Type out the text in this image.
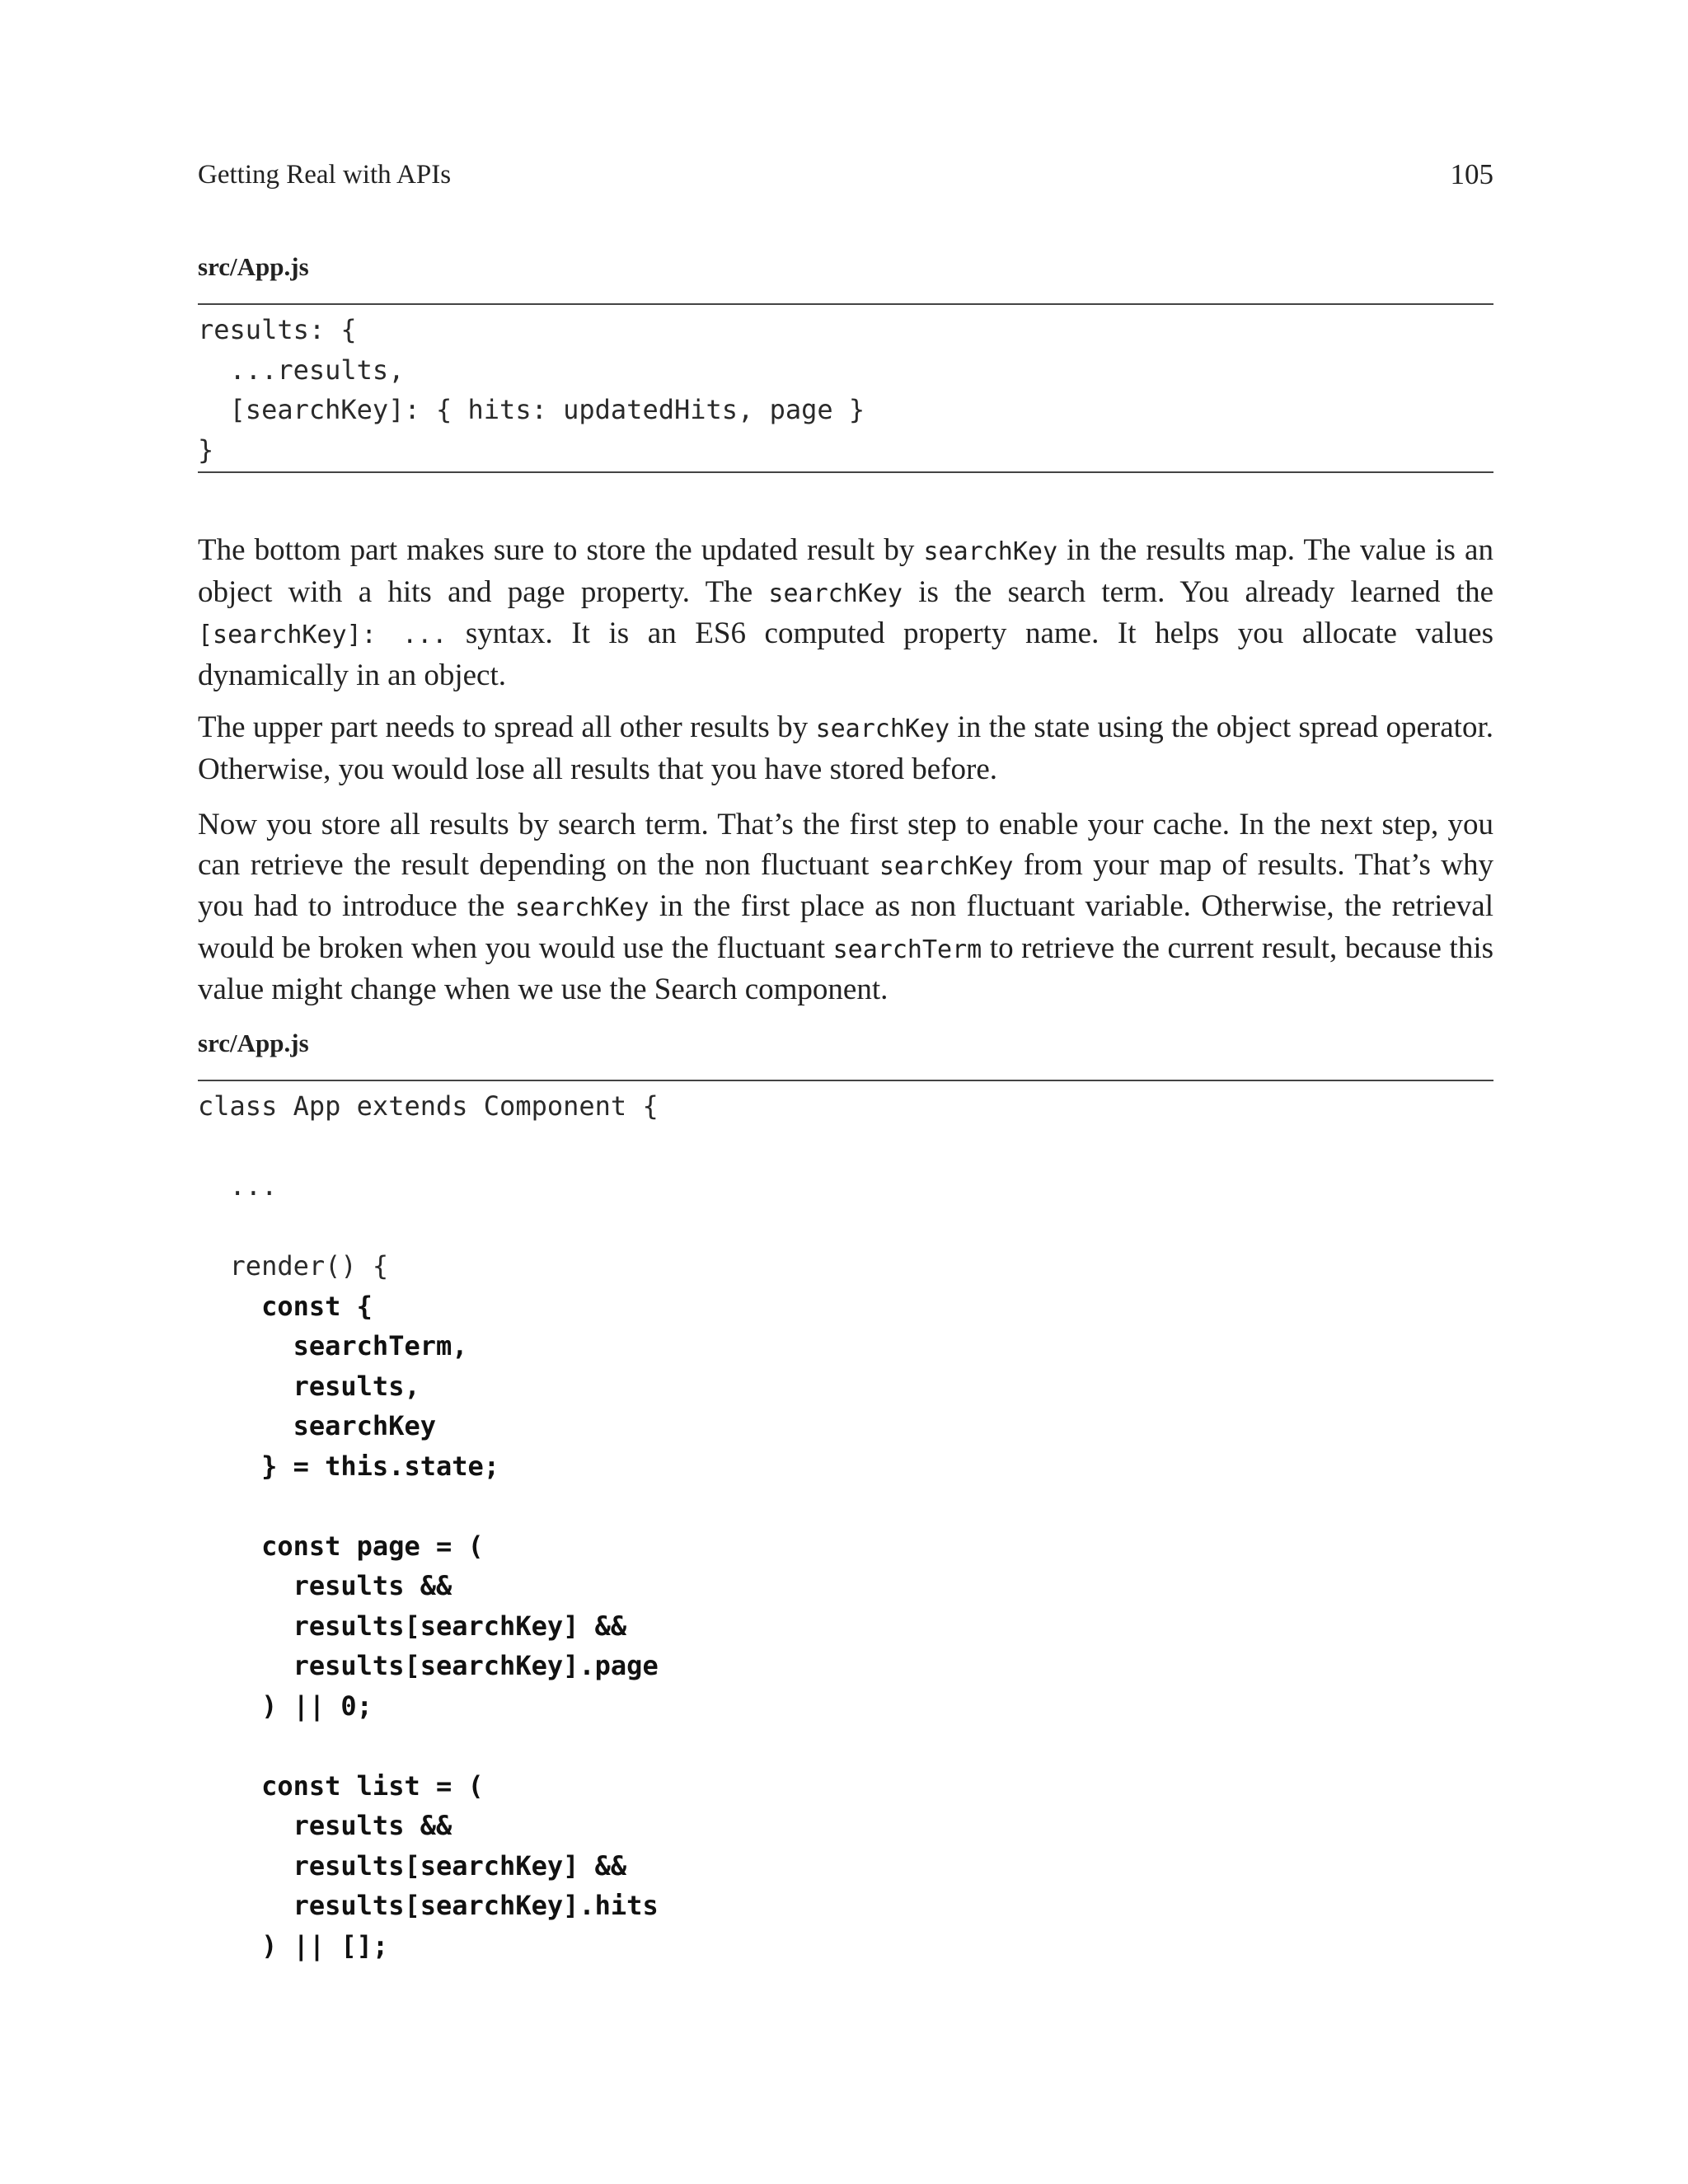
Getting Real with APIs	105
src/App.js
results: {
...results,
[searchKey]: { hits: updatedHits, page }
}

The bottom part makes sure to store the updated result by searchKey in the results map. The value is an object with a hits and page property. The searchKey is the search term. You already learned the [searchKey]: ... syntax. It is an ES6 computed property name. It helps you allocate values dynamically in an object.

The upper part needs to spread all other results by searchKey in the state using the object spread operator. Otherwise, you would lose all results that you have stored before.

Now you store all results by search term. That’s the first step to enable your cache. In the next step, you can retrieve the result depending on the non fluctuant searchKey from your map of results. That’s why you had to introduce the searchKey in the first place as non fluctuant variable. Otherwise, the retrieval would be broken when you would use the fluctuant searchTerm to retrieve the current result, because this value might change when we use the Search component.

src/App.js
class App extends Component {
...
render() {
const {
searchTerm,
results,
searchKey
} = this.state;
const page = (
results &&
results[searchKey] &&
results[searchKey].page
) || 0;
const list = (
results &&
results[searchKey] &&
results[searchKey].hits
) || [];
